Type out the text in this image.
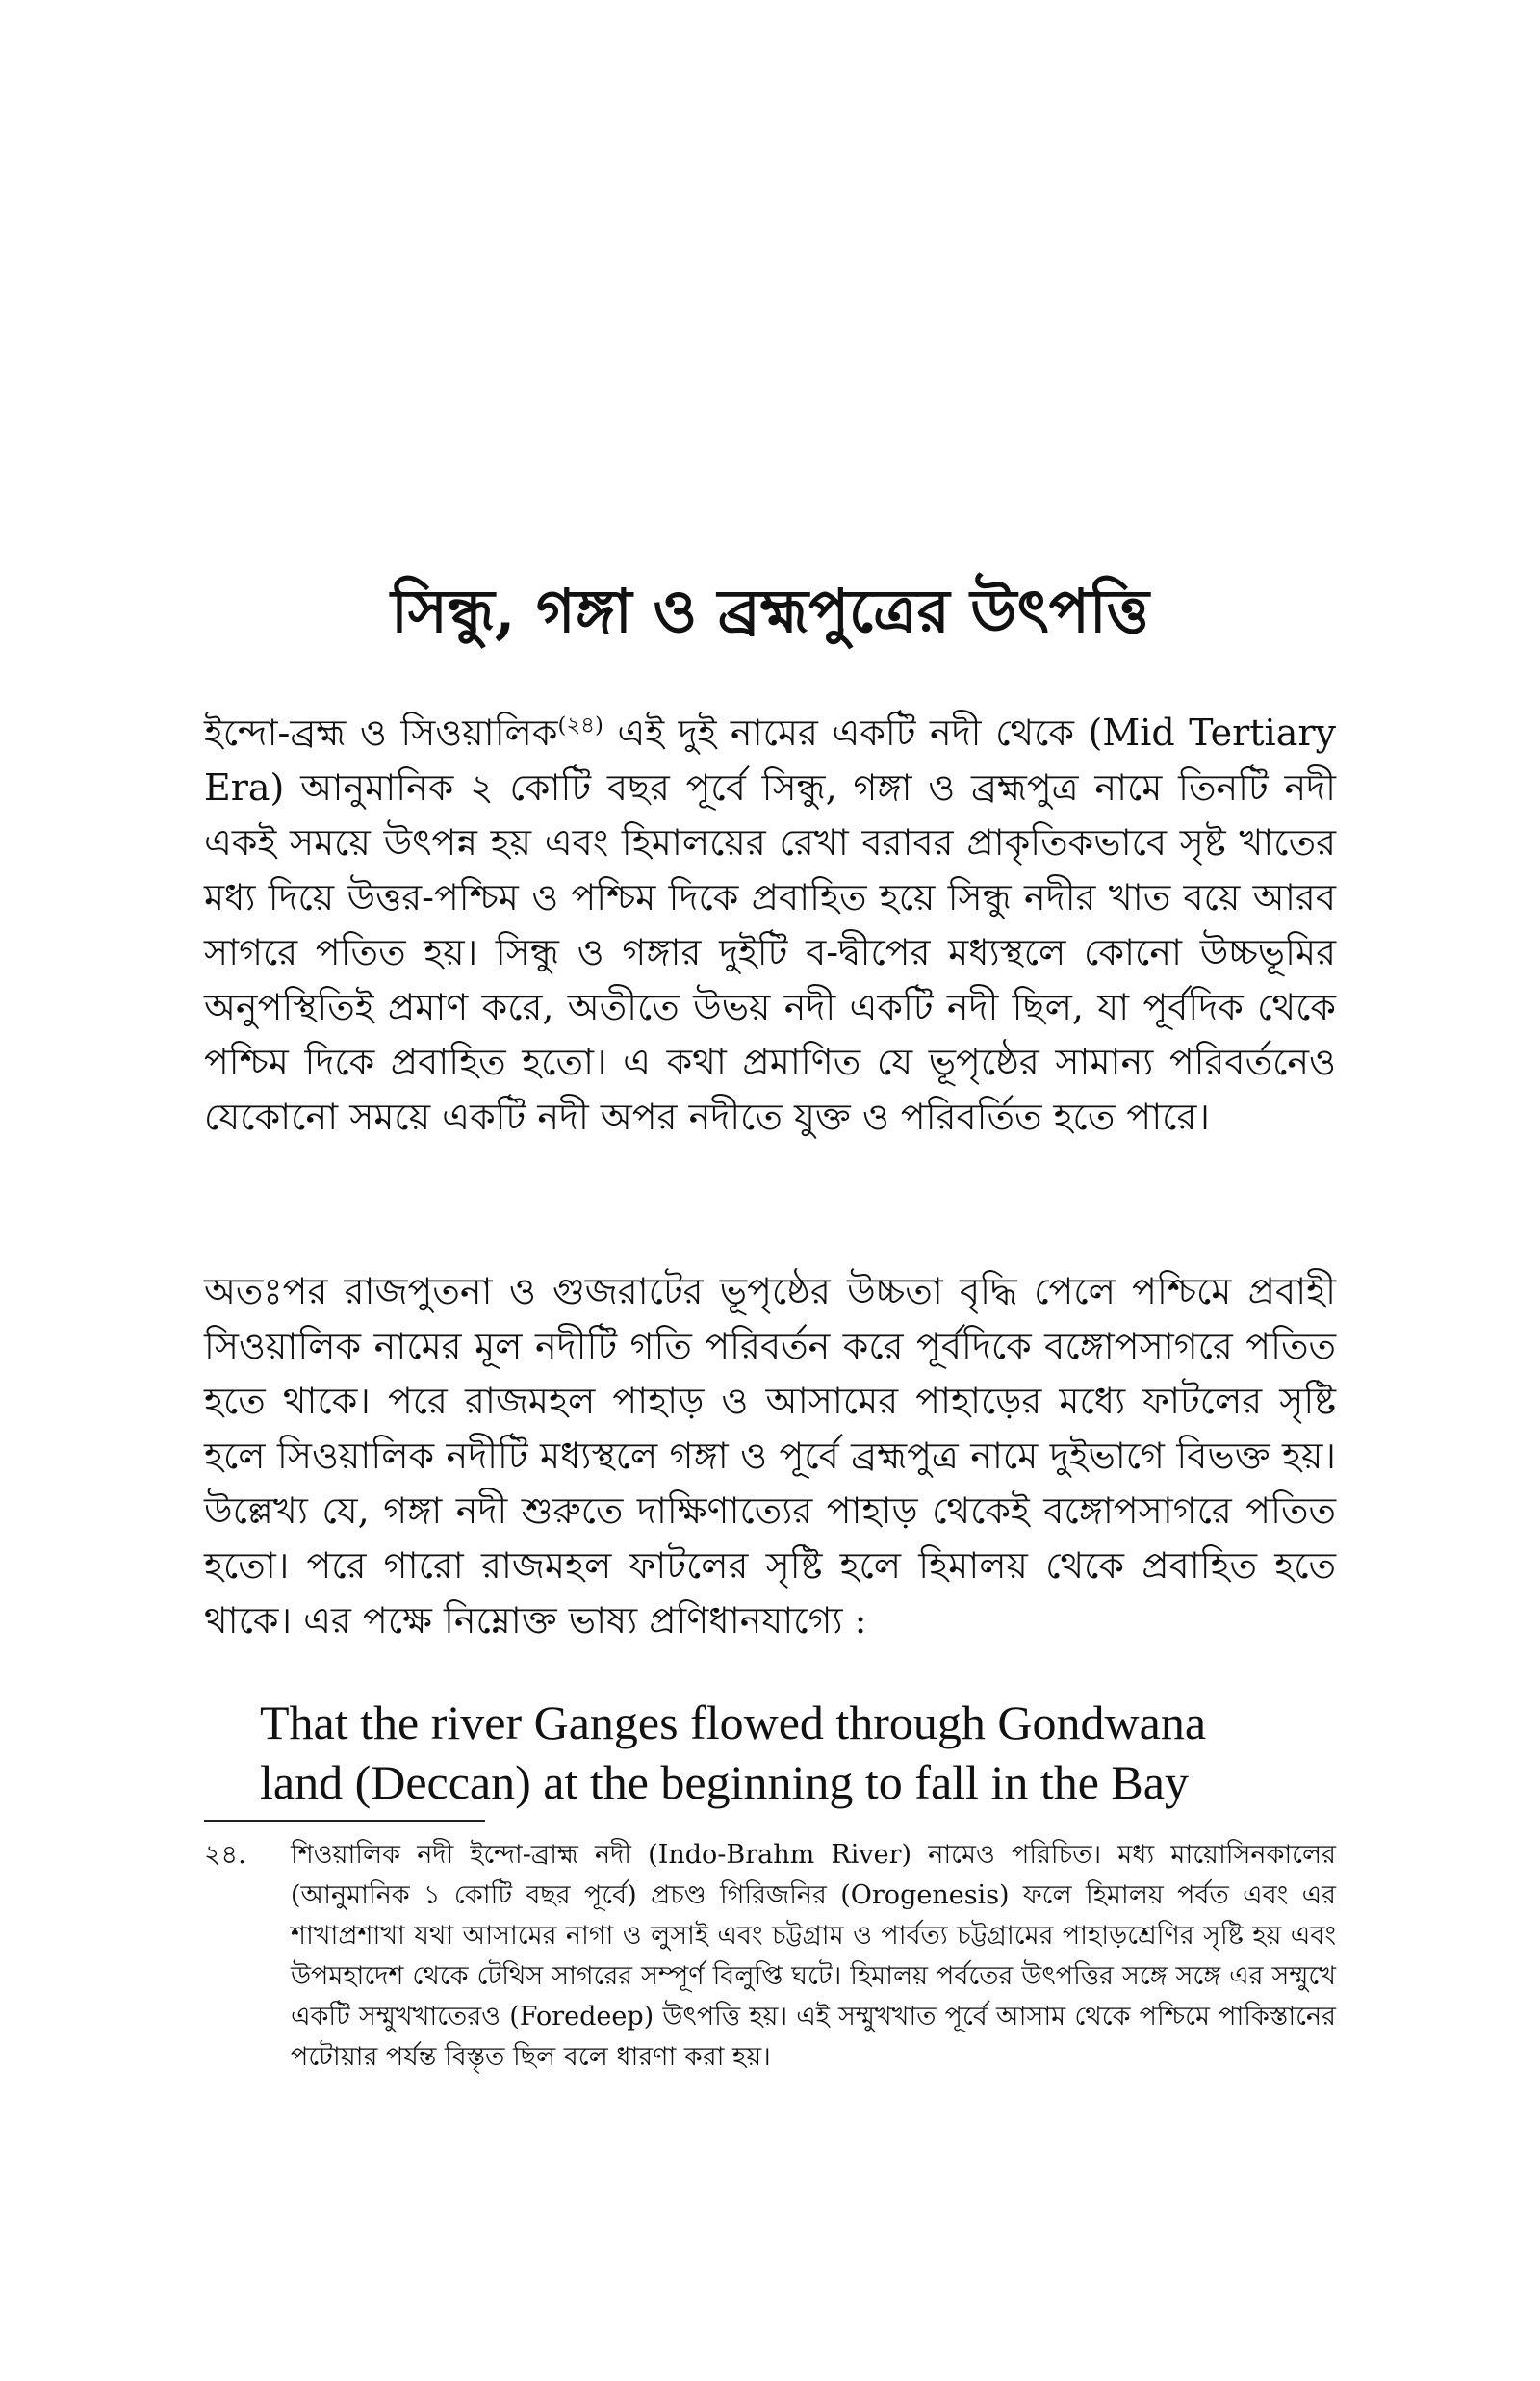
সিন্ধু, গঙ্গা ও ব্রহ্মপুত্রের উৎপত্তি

ইন্দো-ব্রহ্ম ও সিওয়ালিক$^{(২৪)}$ এই দুই নামের একটি নদী থেকে (Mid Tertiary Era) আনুমানিক ২ কোটি বছর পূর্বে সিন্ধু, গঙ্গা ও ব্রহ্মপুত্র নামে তিনটি নদী একই সময়ে উৎপন্ন হয় এবং হিমালয়ের রেখা বরাবর প্রাকৃতিকভাবে সৃষ্ট খাতের মধ্য দিয়ে উত্তর-পশ্চিম ও পশ্চিম দিকে প্রবাহিত হয়ে সিন্ধু নদীর খাত বয়ে আরব সাগরে পতিত হয়। সিন্ধু ও গঙ্গার দুইটি ব-দ্বীপের মধ্যস্থলে কোনো উচ্চভূমির অনুপস্থিতিই প্রমাণ করে, অতীতে উভয় নদী একটি নদী ছিল, যা পূর্বদিক থেকে পশ্চিম দিকে প্রবাহিত হতো। এ কথা প্রমাণিত যে ভূপৃষ্ঠের সামান্য পরিবর্তনেও যেকোনো সময়ে একটি নদী অপর নদীতে যুক্ত ও পরিবর্তিত হতে পারে।

অতঃপর রাজপুতনা ও গুজরাটের ভূপৃষ্ঠের উচ্চতা বৃদ্ধি পেলে পশ্চিমে প্রবাহী সিওয়ালিক নামের মূল নদীটি গতি পরিবর্তন করে পূর্বদিকে বঙ্গোপসাগরে পতিত হতে থাকে। পরে রাজমহল পাহাড় ও আসামের পাহাড়ের মধ্যে ফাটলের সৃষ্টি হলে সিওয়ালিক নদীটি মধ্যস্থলে গঙ্গা ও পূর্বে ব্রহ্মপুত্র নামে দুইভাগে বিভক্ত হয়। উল্লেখ্য যে, গঙ্গা নদী শুরুতে দাক্ষিণাত্যের পাহাড় থেকেই বঙ্গোপসাগরে পতিত হতো। পরে গারো রাজমহল ফাটলের সৃষ্টি হলে হিমালয় থেকে প্রবাহিত হতে থাকে। এর পক্ষে নিম্নোক্ত ভাষ্য প্রণিধানযাগ্যে :

That the river Ganges flowed through Gondwana
land (Deccan) at the beginning to fall in the Bay
২৪.	শিওয়ালিক নদী ইন্দো-ব্রাহ্ম নদী (Indo-Brahm River) নামেও পরিচিত। মধ্য মায়োসিনকালের (আনুমানিক ১ কোটি বছর পূর্বে) প্রচণ্ড গিরিজনির (Orogenesis) ফলে হিমালয় পর্বত এবং এর শাখাপ্রশাখা যথা আসামের নাগা ও লুসাই এবং চট্টগ্রাম ও পার্বত্য চট্টগ্রামের পাহাড়শ্রেণির সৃষ্টি হয় এবং উপমহাদেশ থেকে টেথিস সাগরের সম্পূর্ণ বিলুপ্তি ঘটে। হিমালয় পর্বতের উৎপত্তির সঙ্গে সঙ্গে এর সম্মুখে একটি সম্মুখখাতেরও (Foredeep) উৎপত্তি হয়। এই সম্মুখখাত পূর্বে আসাম থেকে পশ্চিমে পাকিস্তানের পটোয়ার পর্যন্ত বিস্তৃত ছিল বলে ধারণা করা হয়।
